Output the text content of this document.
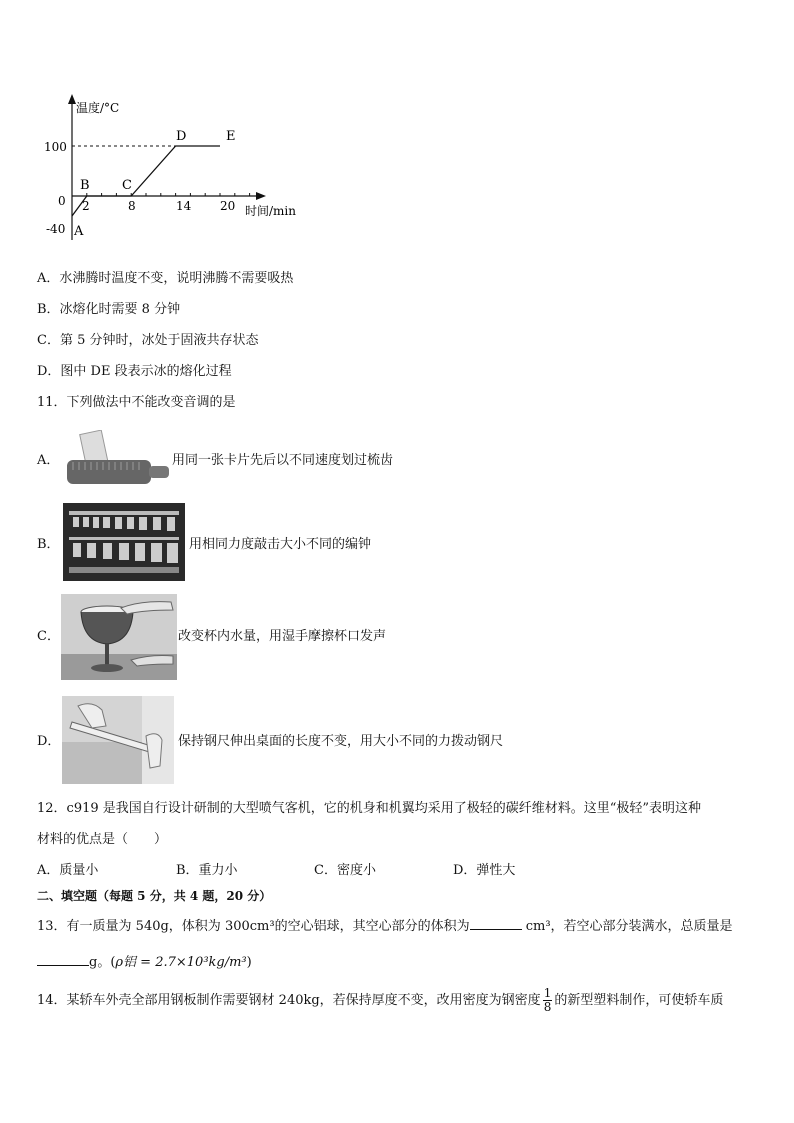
温度/°C
时间/min
100
0
-40
2	8	14 20
A
B C
D	E
A．水沸腾时温度不变，说明沸腾不需要吸热
B．冰熔化时需要 8 分钟
C．第 5 分钟时，冰处于固液共存状态
D．图中 DE 段表示冰的熔化过程
11．下列做法中不能改变音调的是
A．	用同一张卡片先后以不同速度划过梳齿
B．	用相同力度敲击大小不同的编钟
C．	改变杯内水量，用湿手摩擦杯口发声
D．	保持钢尺伸出桌面的长度不变，用大小不同的力拨动钢尺
12．c919 是我国自行设计研制的大型喷气客机，它的机身和机翼均采用了极轻的碳纤维材料。这里“极轻”表明这种
材料的优点是（　　）
A．质量小	B．重力小	C．密度小	D．弹性大
二、填空题（每题 5 分，共 4 题，20 分）
13．有一质量为 540g，体积为 300cm³的空心铝球，其空心部分的体积为	cm³，若空心部分装满水，总质量是
g。(ρ铝 = 2.7×10³kg/m³)
14．某轿车外壳全部用钢板制作需要钢材 240kg，若保持厚度不变，改用密度为钢密度 $\frac{1}{8}$ 的新型塑料制作，可使轿车质
